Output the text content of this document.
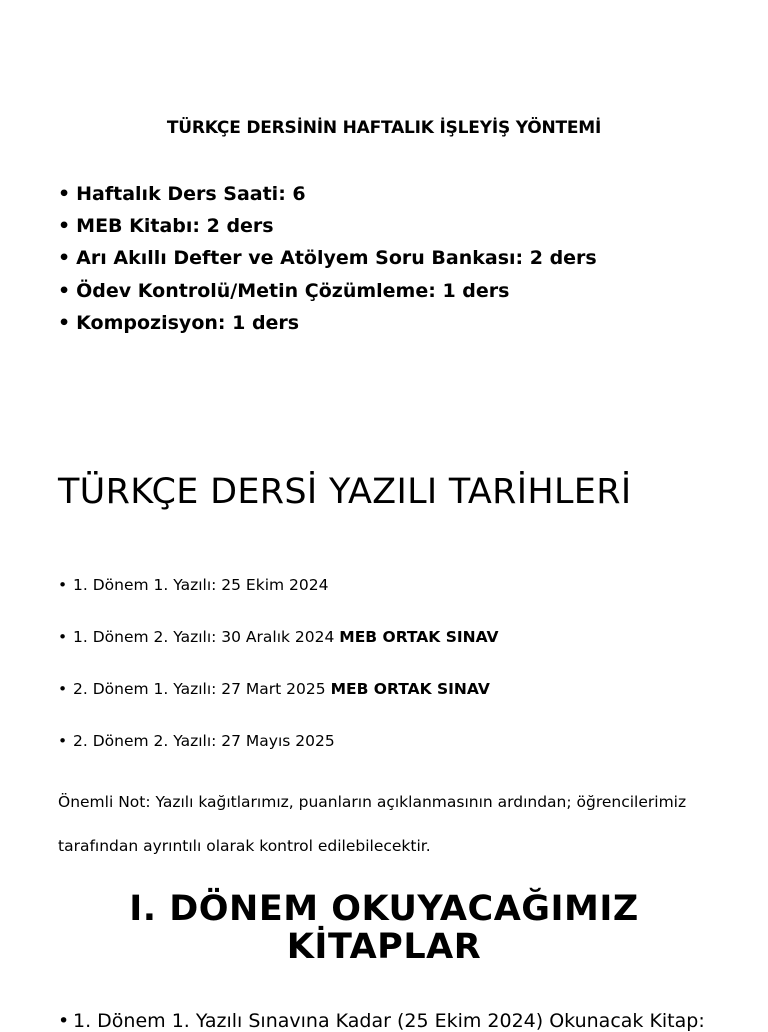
TÜRKÇE DERSİNİN HAFTALIK İŞLEYİŞ YÖNTEMİ
• Haftalık Ders Saati: 6
• MEB Kitabı: 2 ders
• Arı Akıllı Defter ve Atölyem Soru Bankası: 2 ders
• Ödev Kontrolü/Metin Çözümleme: 1 ders
• Kompozisyon: 1 ders
TÜRKÇE DERSİ YAZILI TARİHLERİ
• 1. Dönem 1. Yazılı: 25 Ekim 2024
• 1. Dönem 2. Yazılı: 30 Aralık 2024 MEB ORTAK SINAV
• 2. Dönem 1. Yazılı: 27 Mart 2025 MEB ORTAK SINAV
• 2. Dönem 2. Yazılı: 27 Mayıs 2025

Önemli Not: Yazılı kağıtlarımız, puanların açıklanmasının ardından; öğrencilerimiz
tarafından ayrıntılı olarak kontrol edilebilecektir.

I. DÖNEM OKUYACAĞIMIZ
KİTAPLAR
• 1. Dönem 1. Yazılı Sınavına Kadar (25 Ekim 2024) Okunacak Kitap:
